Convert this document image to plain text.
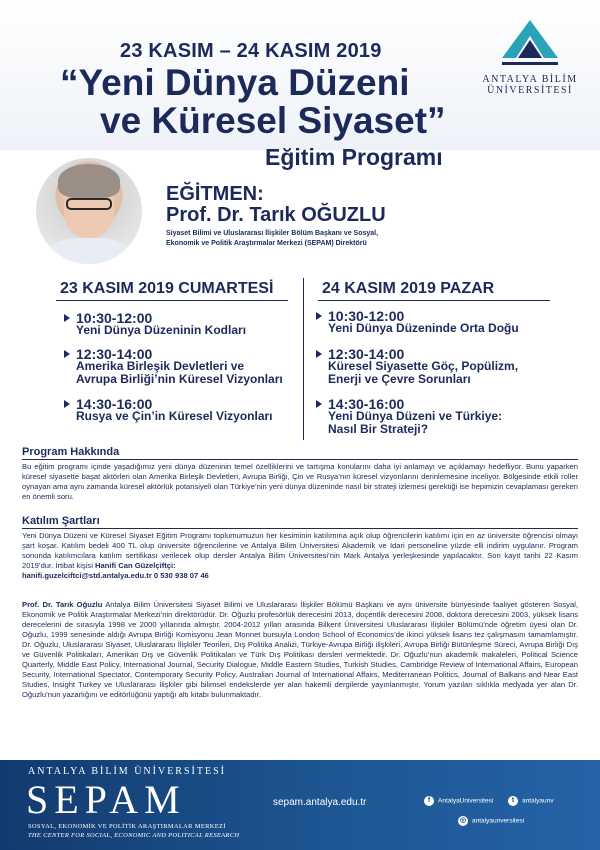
23 KASIM – 24 KASIM 2019
“Yeni Dünya Düzeni
ve Küresel Siyaset”
Eğitim Programı
ANTALYA BİLİM
ÜNİVERSİTESİ
EĞİTMEN:
Prof. Dr. Tarık OĞUZLU
Siyaset Bilimi ve Uluslararası İlişkiler Bölüm Başkanı ve Sosyal,
Ekonomik ve Politik Araştırmalar Merkezi (SEPAM) Direktörü
23 KASIM 2019 CUMARTESİ
10:30-12:00
Yeni Dünya Düzeninin Kodları
12:30-14:00
Amerika Birleşik Devletleri ve
Avrupa Birliği’nin Küresel Vizyonları
14:30-16:00
Rusya ve Çin’in Küresel Vizyonları
24 KASIM 2019 PAZAR
10:30-12:00
Yeni Dünya Düzeninde Orta Doğu
12:30-14:00
Küresel Siyasette Göç, Popülizm,
Enerji ve Çevre Sorunları
14:30-16:00
Yeni Dünya Düzeni ve Türkiye:
Nasıl Bir Strateji?
Program Hakkında
Bu eğitim programı içinde yaşadığımız yeni dünya düzeninin temel özelliklerini ve tartışma konularını daha iyi anlamayı ve açıklamayı hedefliyor. Bunu yaparken küresel siyasette başat aktörleri olan Amerika Birleşik Devletleri, Avrupa Birliği, Çin ve Rusya’nın küresel vizyonlarını derinlemesine inceliyor. Bölgesinde etkili roller oynayan ama aynı zamanda küresel aktörlük potansiyeli olan Türkiye’nin yeni dünya düzeninde nasıl bir strateji izlemesi gerektiği ise hepimizin cevaplaması gereken en önemli soru.
Katılım Şartları
Yeni Dünya Düzeni ve Küresel Siyaset Eğitim Programı toplumumuzun her kesiminin katılımına açık olup öğrencilerin katılımı için en az üniversite öğrencisi olmayı şart koşar. Katılım bedeli 400 TL olup üniversite öğrencilerine ve Antalya Bilim Üniversitesi Akademik ve İdari personeline yüzde elli indirim uygulanır. Program sonunda katılımcılara katılım sertifikası verilecek olup dersler Antalya Bilim Üniversitesi’nin Mark Antalya yerleşkesinde yapılacaktır. Son kayıt tarihi 22 Kasım 2019’dur. İrtibat kişisi Hanifi Can Güzelçiftçi:
hanifi.guzelciftci@std.antalya.edu.tr 0 530 938 07 46
Prof. Dr. Tarık Oğuzlu Antalya Bilim Üniversitesi Siyaset Bilimi ve Uluslararası İlişkiler Bölümü Başkanı ve aynı üniversite bünyesinde faaliyet gösteren Sosyal, Ekonomik ve Politik Araştırmalar Merkezi’nin direktörüdür. Dr. Oğuzlu profesörlük derecesini 2013, doçentlik derecesini 2008, doktora derecesini 2003, yüksek lisans derecelerini de sırasıyla 1998 ve 2000 yıllarında almıştır. 2004-2012 yılları arasında Bilkent Üniversitesi Uluslararası İlişkiler Bölümü’nde öğretim üyesi olan Dr. Oğuzlu, 1999 senesinde aldığı Avrupa Birliği Komisyonu Jean Monnet bursuyla London School of Economics’de ikinci yüksek lisans tez çalışmasını tamamlamıştır. Dr. Oğuzlu, Uluslararası Siyaset, Uluslararası İlişkiler Teorileri, Dış Politika Analizi, Türkiye-Avrupa Birliği ilişkileri, Avrupa Birliği Bütünleşme Süreci, Avrupa Birliği Dış ve Güvenlik Politikaları, Amerikan Dış ve Güvenlik Politikaları ve Türk Dış Politikası dersleri vermektedir. Dr. Oğuzlu’nun akademik makaleleri, Political Science Quarterly, Middle East Policy, International Journal, Security Dialogue, Middle Eastern Studies, Turkish Studies, Cambridge Review of International Affairs, European Security, International Spectator, Contemporary Security Policy, Australian Journal of International Affairs, Mediterranean Politics, Journal of Balkans and Near East Studies, Insight Turkey ve Uluslararası İlişkiler gibi bilimsel endekslerde yer alan hakemli dergilerde yayınlanmıştır. Yorum yazıları sıklıkla medyada yer alan Dr. Oğuzlu’nun yazarlığını ve editörlüğünü yaptığı altı kitabı bulunmaktadır.
ANTALYA BİLİM ÜNİVERSİTESİ
SEPAM
SOSYAL, EKONOMİK VE POLİTİK ARAŞTIRMALAR MERKEZİ
THE CENTER FOR SOCIAL, ECONOMIC AND POLITICAL RESEARCH
sepam.antalya.edu.tr	f AntalyaUniversitesi	t antalyaunv
◎ antalyaunversitesi
